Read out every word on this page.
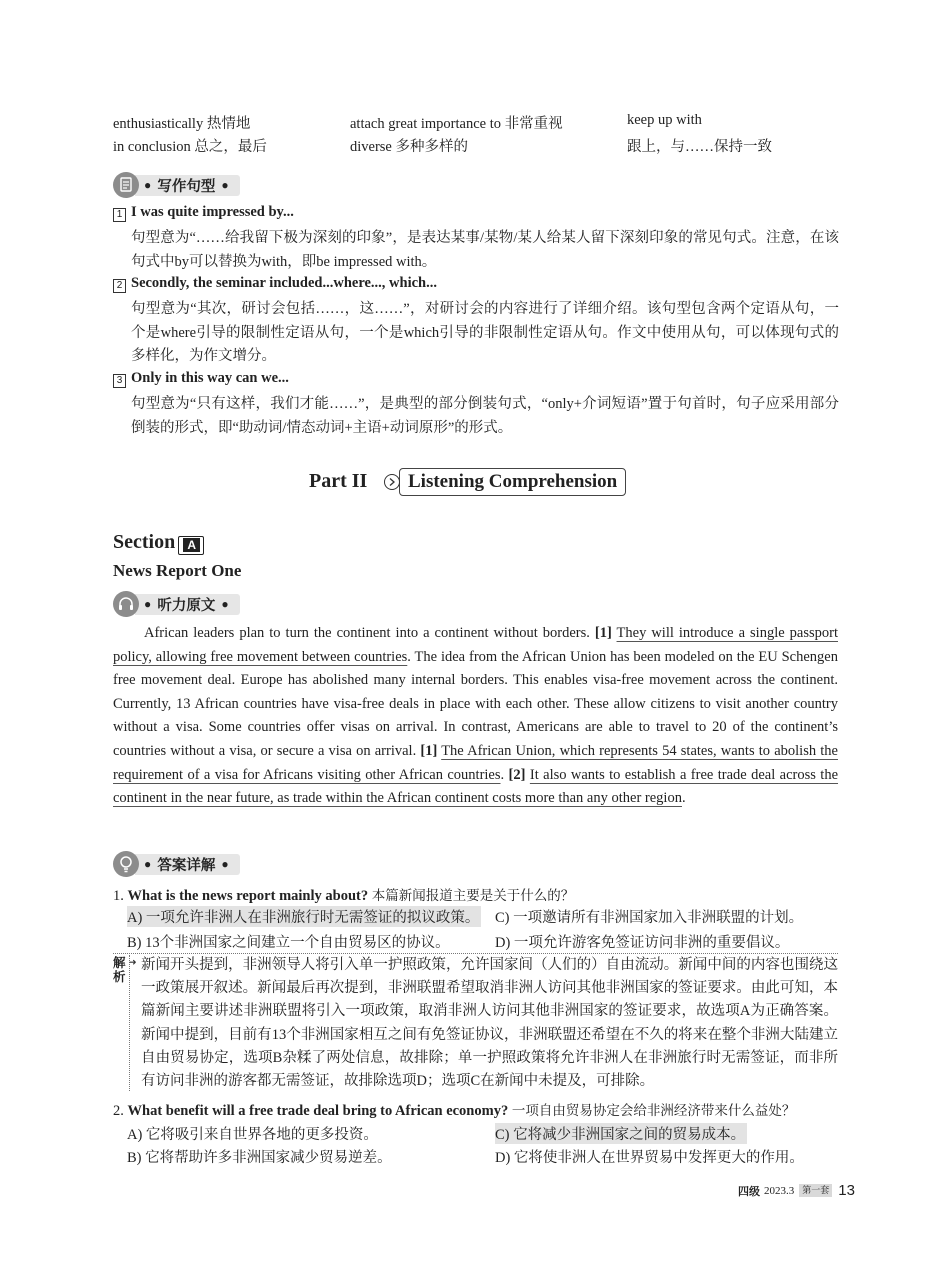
enthusiastically 热情地	attach great importance to 非常重视	keep up with
in conclusion 总之，最后	diverse 多种多样的	跟上，与……保持一致
• 写作句型 •
1 I was quite impressed by...
句型意为“……给我留下极为深刻的印象”，是表达某事/某物/某人给某人留下深刻印象的常见句式。注意，在该句式中by可以替换为with，即be impressed with。
2 Secondly, the seminar included...where..., which...
句型意为“其次，研讨会包括……，这……”，对研讨会的内容进行了详细介绍。该句型包含两个定语从句，一个是where引导的限制性定语从句，一个是which引导的非限制性定语从句。作文中使用从句，可以体现句式的多样化，为作文增分。
3 Only in this way can we...
句型意为“只有这样，我们才能……”，是典型的部分倒装句式，“only+介词短语”置于句首时，句子应采用部分倒装的形式，即“助动词/情态动词+主语+动词原形”的形式。
Part II	Listening Comprehension
Section	A
News Report One
• 听力原文 •
African leaders plan to turn the continent into a continent without borders. [1] They will introduce a single passport policy, allowing free movement between countries. The idea from the African Union has been modeled on the EU Schengen free movement deal. Europe has abolished many internal borders. This enables visa-free movement across the continent. Currently, 13 African countries have visa-free deals in place with each other. These allow citizens to visit another country without a visa. Some countries offer visas on arrival. In contrast, Americans are able to travel to 20 of the continent’s countries without a visa, or secure a visa on arrival. [1] The African Union, which represents 54 states, wants to abolish the requirement of a visa for Africans visiting other African countries. [2] It also wants to establish a free trade deal across the continent in the near future, as trade within the African continent costs more than any other region.
• 答案详解 •
1. What is the news report mainly about? 本篇新闻报道主要是关于什么的？
A) 一项允许非洲人在非洲旅行时无需签证的拟议政策。 C) 一项邀请所有非洲国家加入非洲联盟的计划。
B) 13个非洲国家之间建立一个自由贸易区的协议。	D) 一项允许游客免签证访问非洲的重要倡议。
解析
➜ 新闻开头提到，非洲领导人将引入单一护照政策，允许国家间（人们的）自由流动。新闻中间的内容也围绕这一政策展开叙述。新闻最后再次提到，非洲联盟希望取消非洲人访问其他非洲国家的签证要求。由此可知，本篇新闻主要讲述非洲联盟将引入一项政策，取消非洲人访问其他非洲国家的签证要求，故选项A为正确答案。新闻中提到，目前有13个非洲国家相互之间有免签证协议，非洲联盟还希望在不久的将来在整个非洲大陆建立自由贸易协定，选项B杂糅了两处信息，故排除；单一护照政策将允许非洲人在非洲旅行时无需签证，而非所有访问非洲的游客都无需签证，故排除选项D；选项C在新闻中未提及，可排除。
2. What benefit will a free trade deal bring to African economy? 一项自由贸易协定会给非洲经济带来什么益处？
A) 它将吸引来自世界各地的更多投资。	C) 它将减少非洲国家之间的贸易成本。
B) 它将帮助许多非洲国家减少贸易逆差。	D) 它将使非洲人在世界贸易中发挥更大的作用。
四级 2023.3 第一套 13
